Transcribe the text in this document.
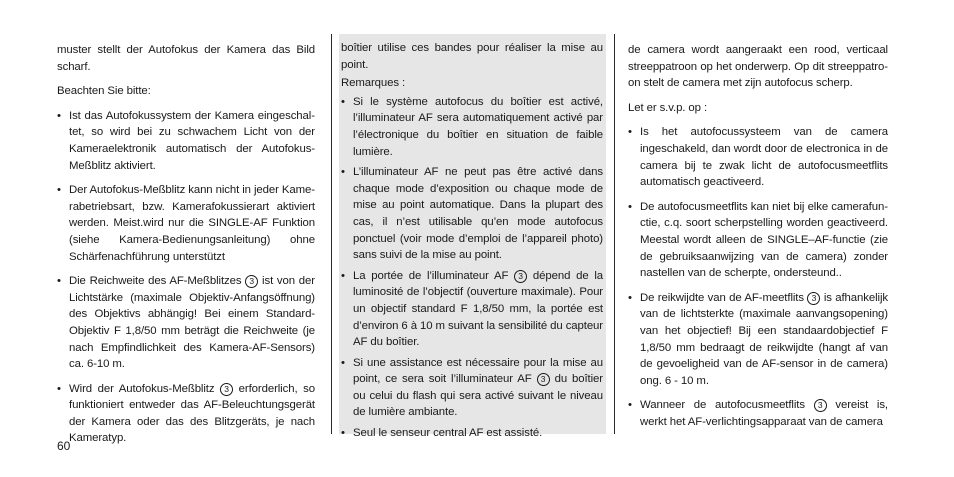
muster stellt der Autofokus der Kamera das Bild scharf.

Beachten Sie bitte:

• Ist das Autofokussystem der Kamera eingeschaltet, so wird bei zu schwachem Licht von der Kameraelektronik automatisch der Autofokus-Meßblitz aktiviert.
• Der Autofokus-Meßblitz kann nicht in jeder Kamerabetriebsart, bzw. Kamerafokussierart aktiviert werden. Meist.wird nur die SINGLE-AF Funktion (siehe Kamera-Bedienungsanleitung) ohne Schärfenachführung unterstützt
• Die Reichweite des AF-Meßblitzes 3 ist von der Lichtstärke (maximale Objektiv-Anfangsöffnung) des Objektivs abhängig! Bei einem Standard-Objektiv F 1,8/50 mm beträgt die Reichweite (je nach Empfindlichkeit des Kamera-AF-Sensors) ca. 6-10 m.
• Wird der Autofokus-Meßblitz 3 erforderlich, so funktioniert entweder das AF-Beleuchtungsgerät der Kamera oder das des Blitzgeräts, je nach Kameratyp.

boîtier utilise ces bandes pour réaliser la mise au point.

Remarques :

• Si le système autofocus du boîtier est activé, l’illuminateur AF sera automatiquement activé par l’électronique du boîtier en situation de faible lumière.
• L’illuminateur AF ne peut pas être activé dans chaque mode d’exposition ou chaque mode de mise au point automatique. Dans la plupart des cas, il n’est utilisable qu’en mode autofocus ponctuel (voir mode d’emploi de l’appareil photo) sans suivi de la mise au point.
• La portée de l’illuminateur AF 3 dépend de la luminosité de l’objectif (ouverture maximale). Pour un objectif standard F 1,8/50 mm, la portée est d’environ 6 à 10 m suivant la sensibilité du capteur AF du boîtier.
• Si une assistance est nécessaire pour la mise au point, ce sera soit l’illuminateur AF 3 du boîtier ou celui du flash qui sera activé suivant le niveau de lumière ambiante.
• Seul le senseur central AF est assisté.

de camera wordt aangeraakt een rood, verticaal streeppatroon op het onderwerp. Op dit streeppatroon stelt de camera met zijn autofocus scherp.

Let er s.v.p. op :

• Is het autofocussysteem van de camera ingeschakeld, dan wordt door de electronica in de camera bij te zwak licht de autofocusmeetflits automatisch geactiveerd.
• De autofocusmeetflits kan niet bij elke camerafunctie, c.q. soort scherpstelling worden geactiveerd. Meestal wordt alleen de SINGLE–AF-functie (zie de gebruiksaanwijzing van de camera) zonder nastellen van de scherpte, ondersteund..
• De reikwijdte van de AF-meetflits 3 is afhankelijk van de lichtsterkte (maximale aanvangsopening) van het objectief! Bij een standaardobjectief F 1,8/50 mm bedraagt de reikwijdte (hangt af van de gevoeligheid van de AF-sensor in de camera) ong. 6 - 10 m.
• Wanneer de autofocusmeetflits 3 vereist is, werkt het AF-verlichtingsapparaat van de camera
60
